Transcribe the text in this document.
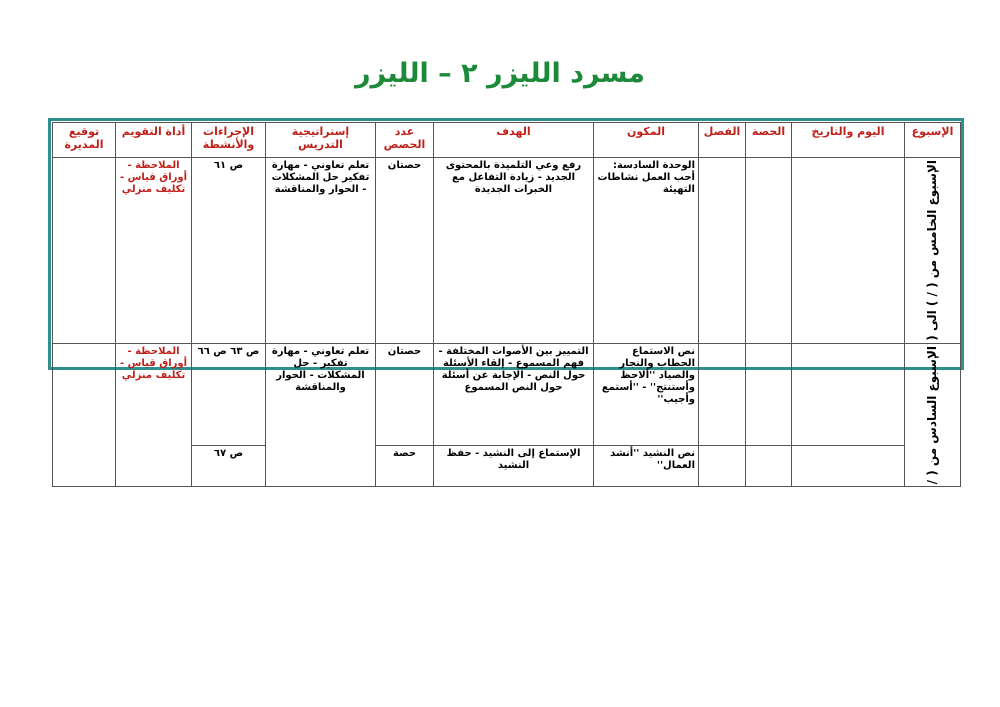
مسرد الليزر ٢ – الليزر
الإسبوع	اليوم والتاريخ	الحصة	الفصل	المكون	الهدف	عدد الحصص	إستراتيجية التدريس	الإجراءات والأنشطة	أداة التقويم	توقيع المديرة

الإسبوع الخامس من ( / ) الى (				الوحدة السادسة: أحب العمل نشاطات التهيئة	رفع وعي التلميذة بالمحتوى الجديد - زيادة التفاعل مع الخبرات الجديدة	حصتان	تعلم تعاوني - مهارة تفكير حل المشكلات - الحوار والمناقشة	ص ٦١	الملاحظة - أوراق قياس - تكليف منزلي	

الإسبوع السادس من ( /				نص الاستماع الحطاب والنجار والصياد ''ألاحظ وأستنتج'' - ''أستمع وأجيب''	التمييز بين الأصوات المختلفة - فهم المسموع - إلقاء الأسئلة حول النص - الإجابة عن أسئلة حول النص المسموع	حصتان	تعلم تعاوني - مهارة تفكير - حل المشكلات - الحوار والمناقشة	ص ٦٣ ص ٦٦	الملاحظة - أوراق قياس - تكليف منزلي	
				نص النشيد ''أنشد العمال''	الإستماع إلى النشيد - حفظ النشيد	حصة		ص ٦٧		
